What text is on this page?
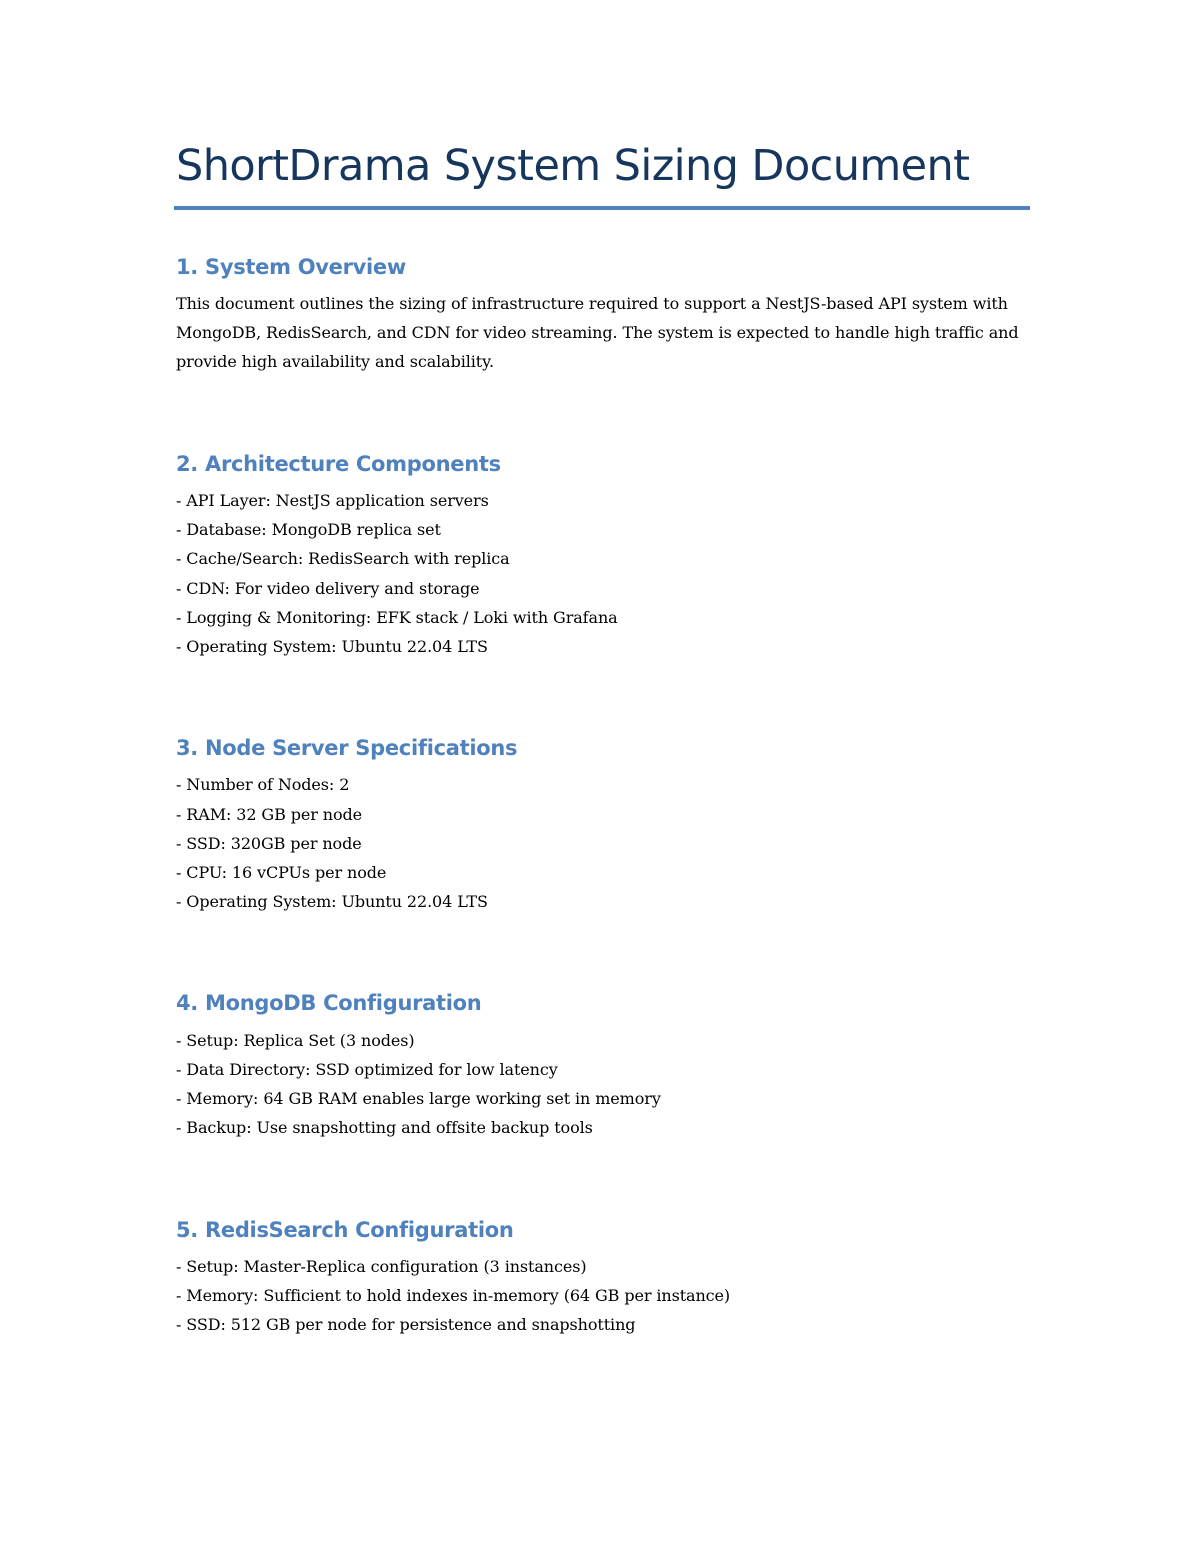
ShortDrama System Sizing Document
1. System Overview

This document outlines the sizing of infrastructure required to support a NestJS-based API system with MongoDB, RedisSearch, and CDN for video streaming. The system is expected to handle high traffic and provide high availability and scalability.

2. Architecture Components
- API Layer: NestJS application servers
- Database: MongoDB replica set
- Cache/Search: RedisSearch with replica
- CDN: For video delivery and storage
- Logging & Monitoring: EFK stack / Loki with Grafana
- Operating System: Ubuntu 22.04 LTS
3. Node Server Specifications
- Number of Nodes: 2
- RAM: 32 GB per node
- SSD: 320GB per node
- CPU: 16 vCPUs per node
- Operating System: Ubuntu 22.04 LTS
4. MongoDB Configuration
- Setup: Replica Set (3 nodes)
- Data Directory: SSD optimized for low latency
- Memory: 64 GB RAM enables large working set in memory
- Backup: Use snapshotting and offsite backup tools
5. RedisSearch Configuration
- Setup: Master-Replica configuration (3 instances)
- Memory: Sufficient to hold indexes in-memory (64 GB per instance)
- SSD: 512 GB per node for persistence and snapshotting
